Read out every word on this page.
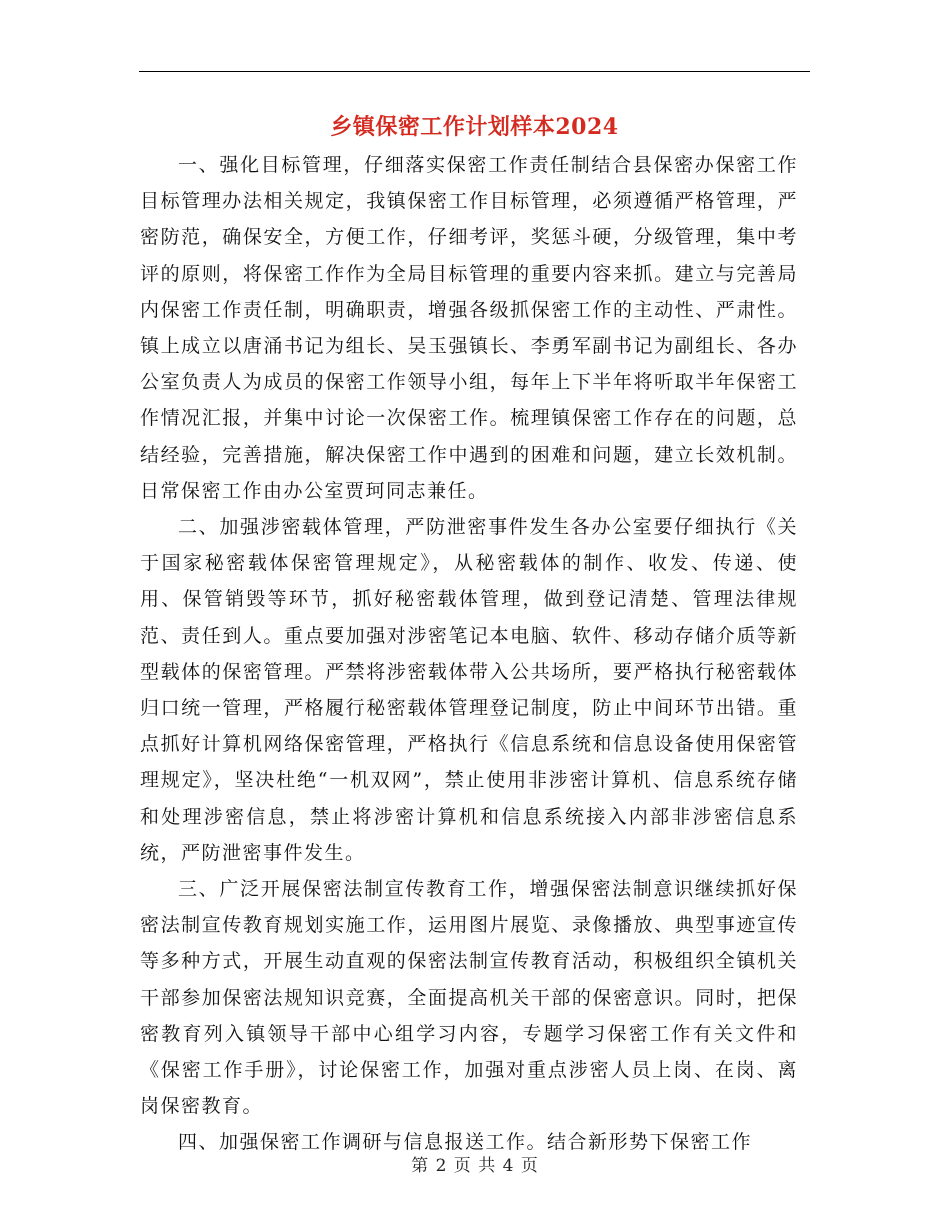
乡镇保密工作计划样本2024

一、强化目标管理，仔细落实保密工作责任制结合县保密办保密工作目标管理办法相关规定，我镇保密工作目标管理，必须遵循严格管理，严密防范，确保安全，方便工作，仔细考评，奖惩斗硬，分级管理，集中考评的原则，将保密工作作为全局目标管理的重要内容来抓。建立与完善局内保密工作责任制，明确职责，增强各级抓保密工作的主动性、严肃性。镇上成立以唐涌书记为组长、吴玉强镇长、李勇军副书记为副组长、各办公室负责人为成员的保密工作领导小组，每年上下半年将听取半年保密工作情况汇报，并集中讨论一次保密工作。梳理镇保密工作存在的问题，总结经验，完善措施，解决保密工作中遇到的困难和问题，建立长效机制。日常保密工作由办公室贾珂同志兼任。

二、加强涉密载体管理，严防泄密事件发生各办公室要仔细执行《关于国家秘密载体保密管理规定》，从秘密载体的制作、收发、传递、使用、保管销毁等环节，抓好秘密载体管理，做到登记清楚、管理法律规范、责任到人。重点要加强对涉密笔记本电脑、软件、移动存储介质等新型载体的保密管理。严禁将涉密载体带入公共场所，要严格执行秘密载体归口统一管理，严格履行秘密载体管理登记制度，防止中间环节出错。重点抓好计算机网络保密管理，严格执行《信息系统和信息设备使用保密管理规定》，坚决杜绝“一机双网”，禁止使用非涉密计算机、信息系统存储和处理涉密信息，禁止将涉密计算机和信息系统接入内部非涉密信息系统，严防泄密事件发生。

三、广泛开展保密法制宣传教育工作，增强保密法制意识继续抓好保密法制宣传教育规划实施工作，运用图片展览、录像播放、典型事迹宣传等多种方式，开展生动直观的保密法制宣传教育活动，积极组织全镇机关干部参加保密法规知识竞赛，全面提高机关干部的保密意识。同时，把保密教育列入镇领导干部中心组学习内容，专题学习保密工作有关文件和《保密工作手册》，讨论保密工作，加强对重点涉密人员上岗、在岗、离岗保密教育。

四、加强保密工作调研与信息报送工作。结合新形势下保密工作

第 2 页 共 4 页
